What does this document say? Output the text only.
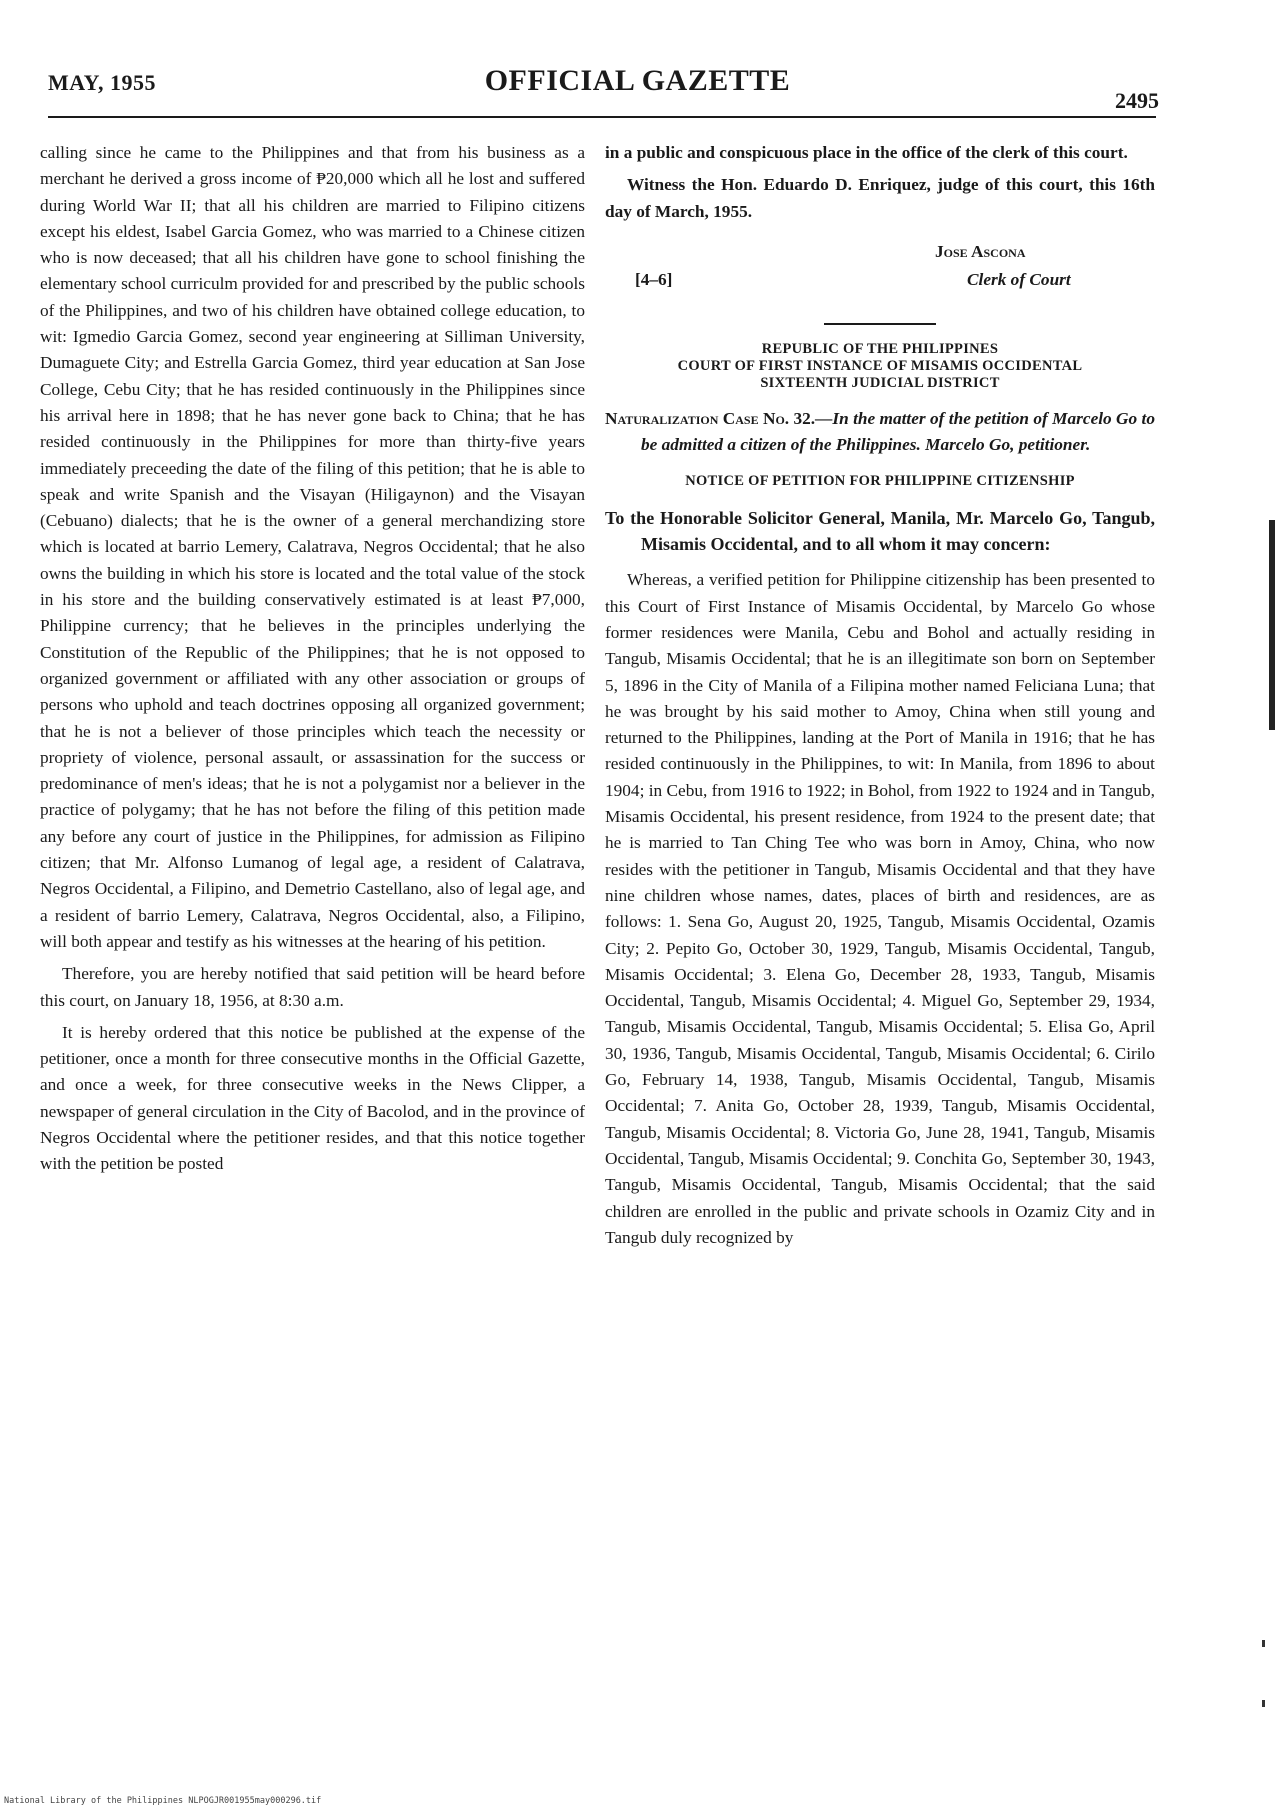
MAY, 1955	OFFICIAL GAZETTE
2495

calling since he came to the Philippines and that from his business as a merchant he derived a gross income of ₱20,000 which all he lost and suffered during World War II; that all his children are married to Filipino citizens except his eldest, Isabel Garcia Gomez, who was married to a Chinese citizen who is now deceased; that all his children have gone to school finishing the elementary school curriculm provided for and prescribed by the public schools of the Philippines, and two of his children have obtained college education, to wit: Igmedio Garcia Gomez, second year engineering at Silliman University, Dumaguete City; and Estrella Garcia Gomez, third year education at San Jose College, Cebu City; that he has resided continuously in the Philippines since his arrival here in 1898; that he has never gone back to China; that he has resided continuously in the Philippines for more than thirty-five years immediately preceeding the date of the filing of this petition; that he is able to speak and write Spanish and the Visayan (Hiligaynon) and the Visayan (Cebuano) dialects; that he is the owner of a general merchandizing store which is located at barrio Lemery, Calatrava, Negros Occidental; that he also owns the building in which his store is located and the total value of the stock in his store and the building conservatively estimated is at least ₱7,000, Philippine currency; that he believes in the principles underlying the Constitution of the Republic of the Philippines; that he is not opposed to organized government or affiliated with any other association or groups of persons who uphold and teach doctrines opposing all organized government; that he is not a believer of those principles which teach the necessity or propriety of violence, personal assault, or assassination for the success or predominance of men's ideas; that he is not a polygamist nor a believer in the practice of polygamy; that he has not before the filing of this petition made any before any court of justice in the Philippines, for admission as Filipino citizen; that Mr. Alfonso Lumanog of legal age, a resident of Calatrava, Negros Occidental, a Filipino, and Demetrio Castellano, also of legal age, and a resident of barrio Lemery, Calatrava, Negros Occidental, also, a Filipino, will both appear and testify as his witnesses at the hearing of his petition.

Therefore, you are hereby notified that said petition will be heard before this court, on January 18, 1956, at 8:30 a.m.

It is hereby ordered that this notice be published at the expense of the petitioner, once a month for three consecutive months in the Official Gazette, and once a week, for three consecutive weeks in the News Clipper, a newspaper of general circulation in the City of Bacolod, and in the province of Negros Occidental where the petitioner resides, and that this notice together with the petition be posted

in a public and conspicuous place in the office of the clerk of this court.

Witness the Hon. Eduardo D. Enriquez, judge of this court, this 16th day of March, 1955.

[4–6]
Jose Ascona
Clerk of Court
REPUBLIC OF THE PHILIPPINES
COURT OF FIRST INSTANCE OF MISAMIS OCCIDENTAL
SIXTEENTH JUDICIAL DISTRICT

Naturalization Case No. 32.—In the matter of the petition of Marcelo Go to be admitted a citizen of the Philippines. Marcelo Go, petitioner.

NOTICE OF PETITION FOR PHILIPPINE CITIZENSHIP

To the Honorable Solicitor General, Manila, Mr. Marcelo Go, Tangub, Misamis Occidental, and to all whom it may concern:

Whereas, a verified petition for Philippine citizenship has been presented to this Court of First Instance of Misamis Occidental, by Marcelo Go whose former residences were Manila, Cebu and Bohol and actually residing in Tangub, Misamis Occidental; that he is an illegitimate son born on September 5, 1896 in the City of Manila of a Filipina mother named Feliciana Luna; that he was brought by his said mother to Amoy, China when still young and returned to the Philippines, landing at the Port of Manila in 1916; that he has resided continuously in the Philippines, to wit: In Manila, from 1896 to about 1904; in Cebu, from 1916 to 1922; in Bohol, from 1922 to 1924 and in Tangub, Misamis Occidental, his present residence, from 1924 to the present date; that he is married to Tan Ching Tee who was born in Amoy, China, who now resides with the petitioner in Tangub, Misamis Occidental and that they have nine children whose names, dates, places of birth and residences, are as follows: 1. Sena Go, August 20, 1925, Tangub, Misamis Occidental, Ozamis City; 2. Pepito Go, October 30, 1929, Tangub, Misamis Occidental, Tangub, Misamis Occidental; 3. Elena Go, December 28, 1933, Tangub, Misamis Occidental, Tangub, Misamis Occidental; 4. Miguel Go, September 29, 1934, Tangub, Misamis Occidental, Tangub, Misamis Occidental; 5. Elisa Go, April 30, 1936, Tangub, Misamis Occidental, Tangub, Misamis Occidental; 6. Cirilo Go, February 14, 1938, Tangub, Misamis Occidental, Tangub, Misamis Occidental; 7. Anita Go, October 28, 1939, Tangub, Misamis Occidental, Tangub, Misamis Occidental; 8. Victoria Go, June 28, 1941, Tangub, Misamis Occidental, Tangub, Misamis Occidental; 9. Conchita Go, September 30, 1943, Tangub, Misamis Occidental, Tangub, Misamis Occidental; that the said children are enrolled in the public and private schools in Ozamiz City and in Tangub duly recognized by

National Library of the Philippines NLPOGJR001955may000296.tif
